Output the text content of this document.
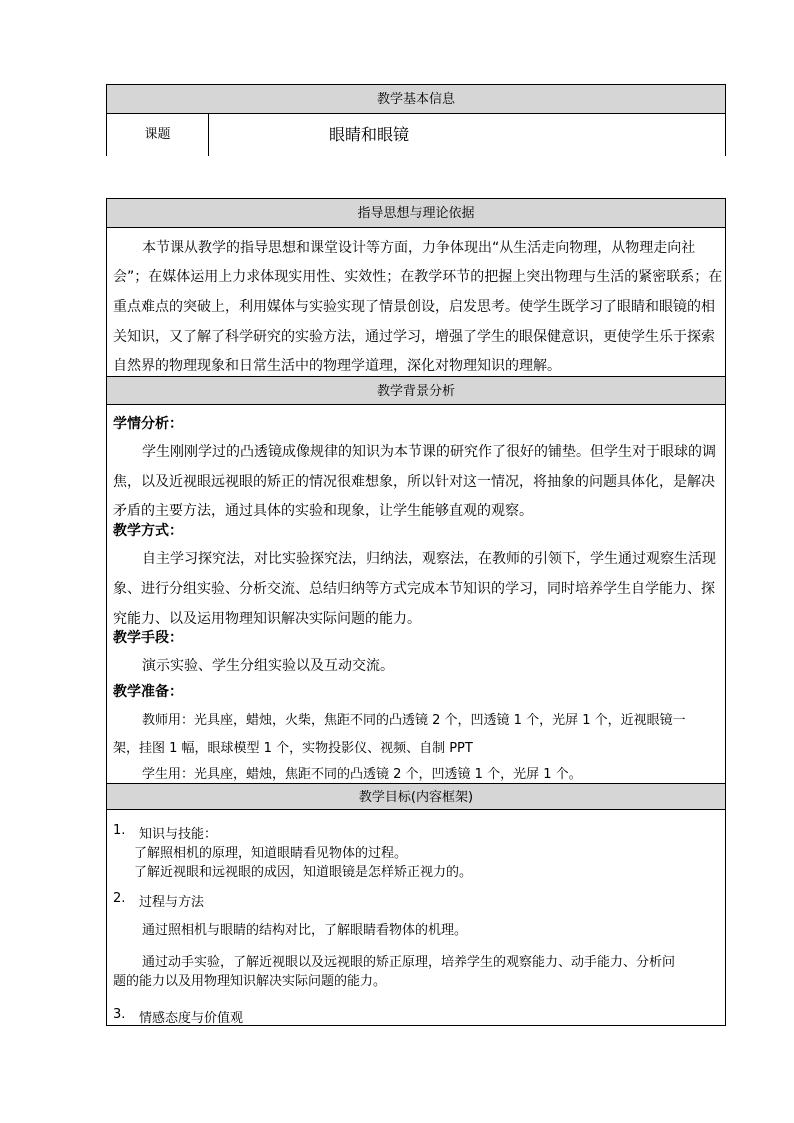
教学基本信息
课题	眼睛和眼镜
指导思想与理论依据
本节课从教学的指导思想和课堂设计等方面，力争体现出“从生活走向物理，从物理走向社
会”；在媒体运用上力求体现实用性、实效性；在教学环节的把握上突出物理与生活的紧密联系；在
重点难点的突破上，利用媒体与实验实现了情景创设，启发思考。使学生既学习了眼睛和眼镜的相
关知识，又了解了科学研究的实验方法，通过学习，增强了学生的眼保健意识，更使学生乐于探索
自然界的物理现象和日常生活中的物理学道理，深化对物理知识的理解。
教学背景分析
学情分析：
学生刚刚学过的凸透镜成像规律的知识为本节课的研究作了很好的铺垫。但学生对于眼球的调
焦，以及近视眼远视眼的矫正的情况很难想象，所以针对这一情况，将抽象的问题具体化，是解决
矛盾的主要方法，通过具体的实验和现象，让学生能够直观的观察。
教学方式：
自主学习探究法，对比实验探究法，归纳法，观察法，在教师的引领下，学生通过观察生活现
象、进行分组实验、分析交流、总结归纳等方式完成本节知识的学习，同时培养学生自学能力、探
究能力、以及运用物理知识解决实际问题的能力。
教学手段：
演示实验、学生分组实验以及互动交流。
教学准备：
教师用：光具座，蜡烛，火柴，焦距不同的凸透镜 2 个，凹透镜 1 个，光屏 1 个，近视眼镜一
架，挂图 1 幅，眼球模型 1 个，实物投影仪、视频、自制 PPT
学生用：光具座，蜡烛，焦距不同的凸透镜 2 个，凹透镜 1 个，光屏 1 个。
教学目标(内容框架)
1. 知识与技能：
了解照相机的原理，知道眼睛看见物体的过程。
了解近视眼和远视眼的成因，知道眼镜是怎样矫正视力的。
2. 过程与方法
通过照相机与眼睛的结构对比，了解眼睛看物体的机理。
通过动手实验，了解近视眼以及远视眼的矫正原理，培养学生的观察能力、动手能力、分析问
题的能力以及用物理知识解决实际问题的能力。
3. 情感态度与价值观
